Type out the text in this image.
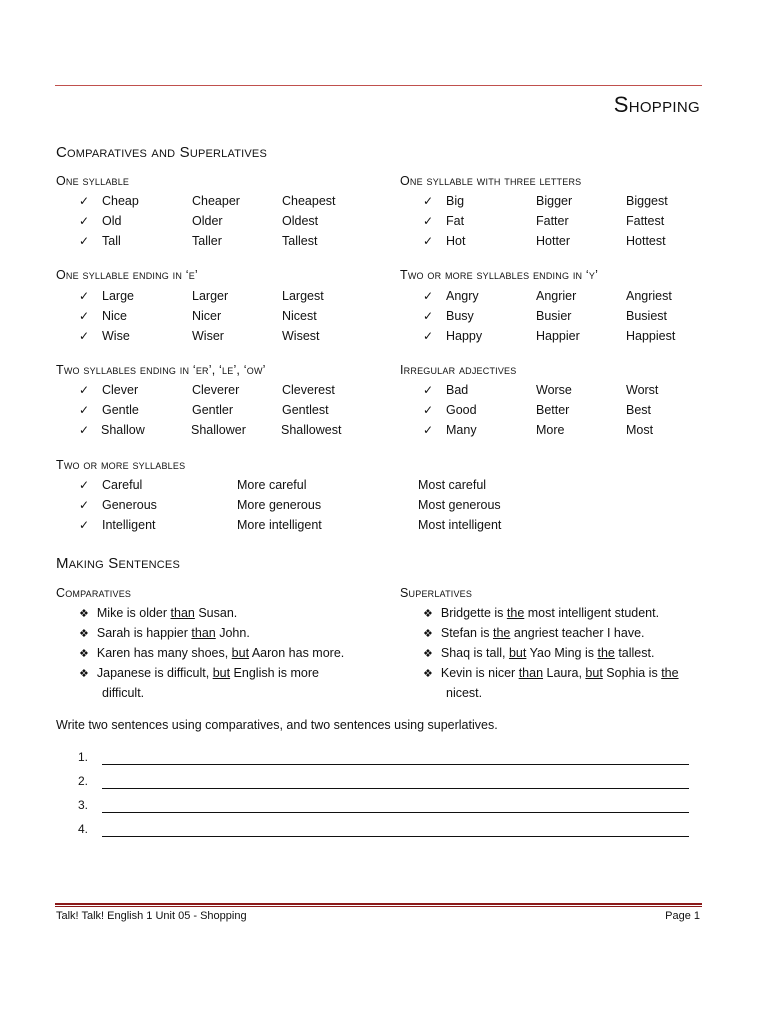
Shopping
Comparatives and Superlatives
One syllable
✓ Cheap	Cheaper	Cheapest
✓ Old	Older	Oldest
✓ Tall	Taller	Tallest
One syllable with three letters
✓ Big	Bigger	Biggest
✓ Fat	Fatter	Fattest
✓ Hot	Hotter	Hottest
One syllable ending in ‘e’
✓ Large	Larger	Largest
✓ Nice	Nicer	Nicest
✓ Wise	Wiser	Wisest
Two or more syllables ending in ‘y’
✓ Angry	Angrier	Angriest
✓ Busy	Busier	Busiest
✓ Happy	Happier	Happiest
Two syllables ending in ‘er’, ‘le’, ‘ow’
✓ Clever	Cleverer	Cleverest
✓ Gentle	Gentler	Gentlest
✓ Shallow	Shallower	Shallowest
Irregular adjectives
✓ Bad	Worse	Worst
✓ Good	Better	Best
✓ Many	More	Most
Two or more syllables
✓ Careful	More careful	Most careful
✓ Generous	More generous	Most generous
✓ Intelligent	More intelligent	Most intelligent
Making Sentences
Comparatives	Superlatives
❖ Mike is older than Susan.
❖ Sarah is happier than John.
❖ Karen has many shoes, but Aaron has more.
❖ Japanese is difficult, but English is more
difficult.
❖ Bridgette is the most intelligent student.
❖ Stefan is the angriest teacher I have.
❖ Shaq is tall, but Yao Ming is the tallest.
❖ Kevin is nicer than Laura, but Sophia is the
nicest.
Write two sentences using comparatives, and two sentences using superlatives.
1.
2.
3.
4.
Talk! Talk! English 1 Unit 05 - Shopping	Page 1
